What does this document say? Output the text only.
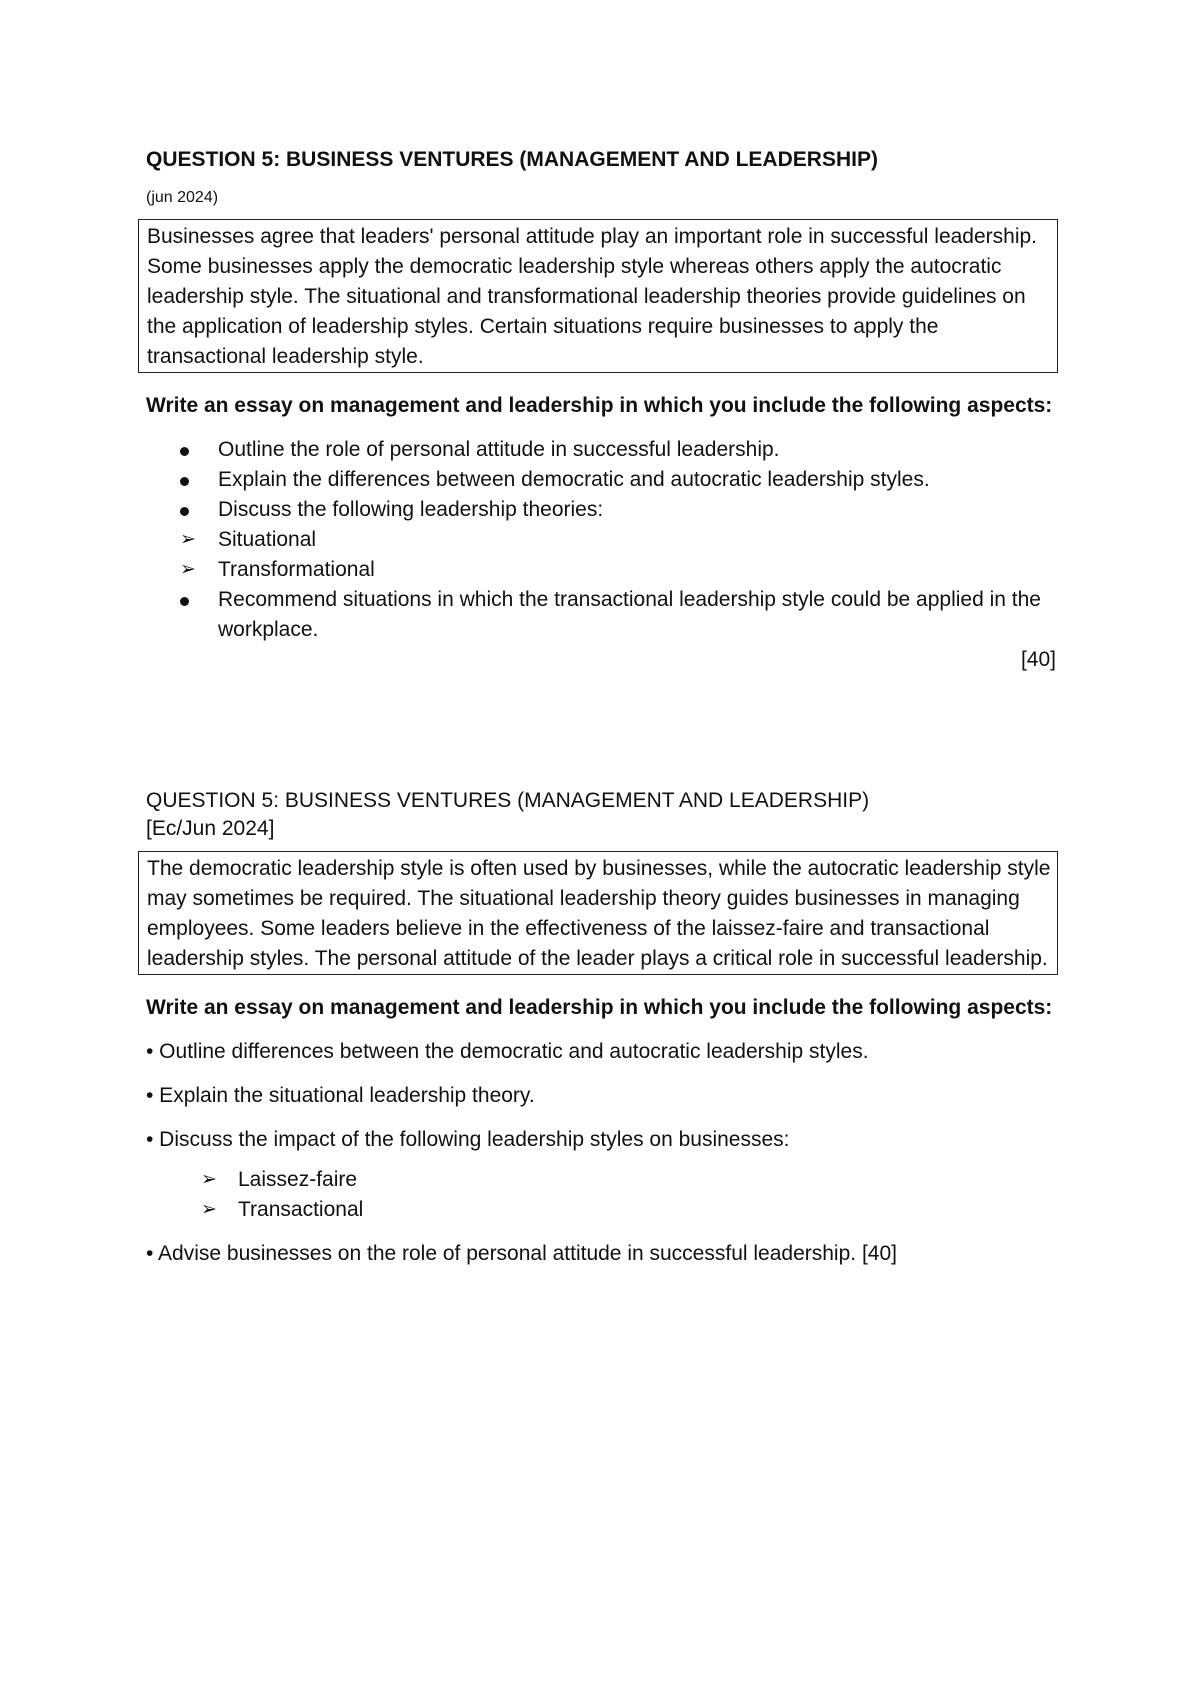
QUESTION 5: BUSINESS VENTURES (MANAGEMENT AND LEADERSHIP)
(jun 2024)

Businesses agree that leaders' personal attitude play an important role in successful leadership. Some businesses apply the democratic leadership style whereas others apply the autocratic leadership style. The situational and transformational leadership theories provide guidelines on the application of leadership styles. Certain situations require businesses to apply the transactional leadership style.

Write an essay on management and leadership in which you include the following aspects:

Outline the role of personal attitude in successful leadership.
Explain the differences between democratic and autocratic leadership styles.
Discuss the following leadership theories:
➢	Situational
➢	Transformational
Recommend situations in which the transactional leadership style could be applied in the workplace.
[40]
QUESTION 5: BUSINESS VENTURES (MANAGEMENT AND LEADERSHIP)
[Ec/Jun 2024]

The democratic leadership style is often used by businesses, while the autocratic leadership style may sometimes be required. The situational leadership theory guides businesses in managing employees. Some leaders believe in the effectiveness of the laissez-faire and transactional leadership styles. The personal attitude of the leader plays a critical role in successful leadership.

Write an essay on management and leadership in which you include the following aspects:

• Outline differences between the democratic and autocratic leadership styles.

• Explain the situational leadership theory.

• Discuss the impact of the following leadership styles on businesses:

➢ Laissez-faire
➢ Transactional

• Advise businesses on the role of personal attitude in successful leadership. [40]
